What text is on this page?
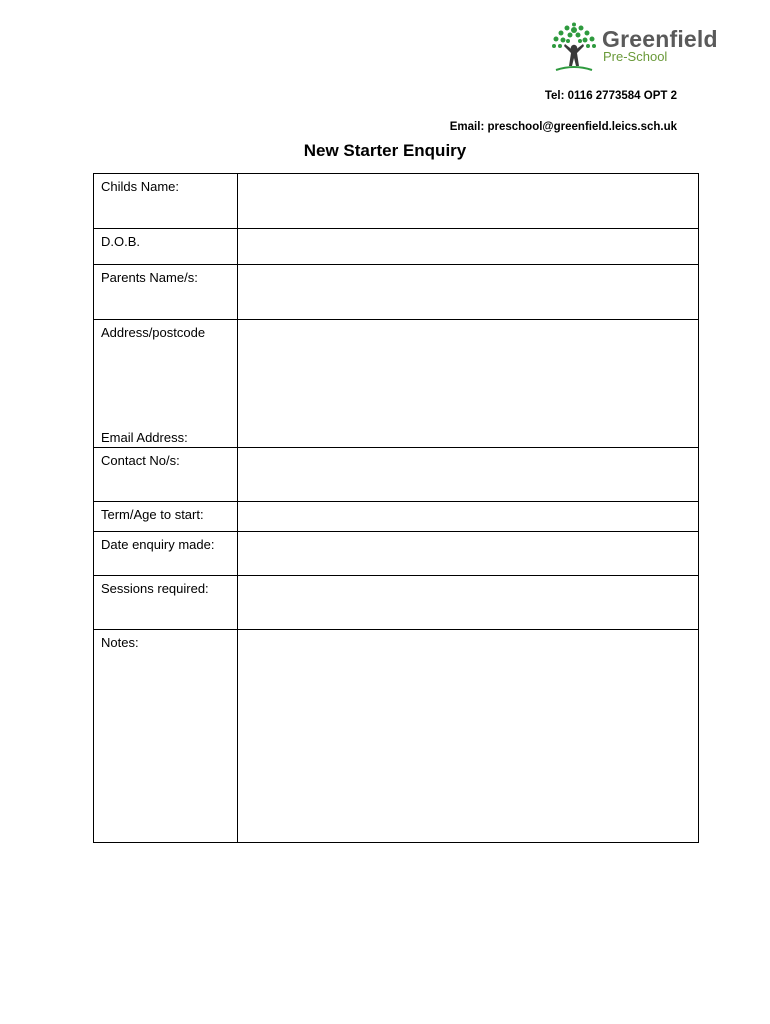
Greenfield
Pre-School
Tel: 0116 2773584 OPT 2
Email: preschool@greenfield.leics.sch.uk
New Starter Enquiry
Childs Name:	
D.O.B.	
Parents Name/s:	
Address/postcode
Email Address:	

Contact No/s:	
Term/Age to start:	
Date enquiry made:	
Sessions required:	
Notes:	
